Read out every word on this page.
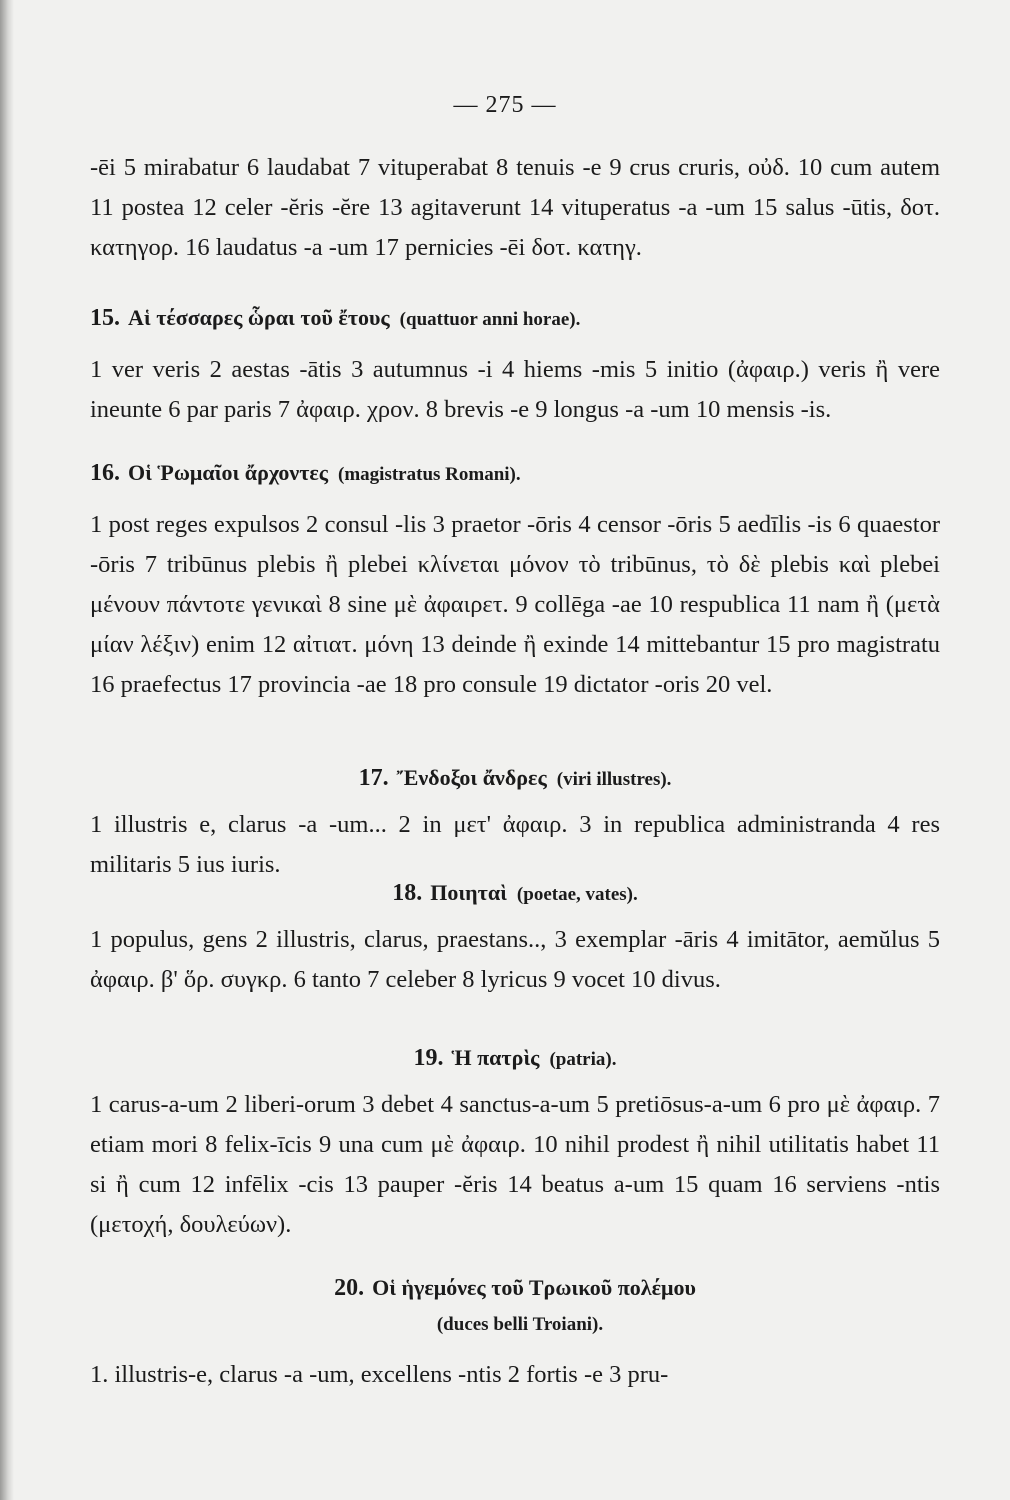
— 275 —
-ēi 5 mirabatur 6 laudabat 7 vituperabat 8 tenuis -e 9 crus cruris, οὐδ. 10 cum autem 11 postea 12 celer -ĕris -ĕre 13 agitaverunt 14 vituperatus -a -um 15 salus -ūtis, δοτ. κατηγορ. 16 laudatus -a -um 17 pernicies -ēi δοτ. κατηγ.
15. Αἱ τέσσαρες ὧραι τοῦ ἔτους (quattuor anni horae).
1 ver veris 2 aestas -ātis 3 autumnus -i 4 hiems -mis 5 initio (ἀφαιρ.) veris ἢ vere ineunte 6 par paris 7 ἀφαιρ. χρον. 8 brevis -e 9 longus -a -um 10 mensis -is.
16. Οἱ Ῥωμαῖοι ἄρχοντες (magistratus Romani).
1 post reges expulsos 2 consul -lis 3 praetor -ōris 4 censor -ōris 5 aedīlis -is 6 quaestor -ōris 7 tribūnus plebis ἢ plebei κλίνεται μόνον τὸ tribūnus, τὸ δὲ plebis καὶ plebei μένουν πάντοτε γενικαὶ 8 sine μὲ ἀφαιρετ. 9 collēga -ae 10 respublica 11 nam ἢ (μετὰ μίαν λέξιν) enim 12 αἰτιατ. μόνη 13 deinde ἢ exinde 14 mittebantur 15 pro magistratu 16 praefectus 17 provincia -ae 18 pro consule 19 dictator -oris 20 vel.
17. Ἔνδοξοι ἄνδρες (viri illustres).
1 illustris e, clarus -a -um... 2 in μετ' ἀφαιρ. 3 in republica administranda 4 res militaris 5 ius iuris.
18. Ποιηταὶ (poetae, vates).
1 populus, gens 2 illustris, clarus, praestans.., 3 exemplar -āris 4 imitātor, aemŭlus 5 ἀφαιρ. β' ὅρ. συγκρ. 6 tanto 7 celeber 8 lyricus 9 vocet 10 divus.
19. Ἡ πατρὶς (patria).
1 carus-a-um 2 liberi-orum 3 debet 4 sanctus-a-um 5 pretiōsus-a-um 6 pro μὲ ἀφαιρ. 7 etiam mori 8 felix-īcis 9 una cum μὲ ἀφαιρ. 10 nihil prodest ἢ nihil utilitatis habet 11 si ἢ cum 12 infēlix -cis 13 pauper -ĕris 14 beatus a-um 15 quam 16 serviens -ntis (μετοχή, δουλεύων).
20. Οἱ ἡγεμόνες τοῦ Τρωικοῦ πολέμου
(duces belli Troiani).
1. illustris-e, clarus -a -um, excellens -ntis 2 fortis -e 3 pru-
